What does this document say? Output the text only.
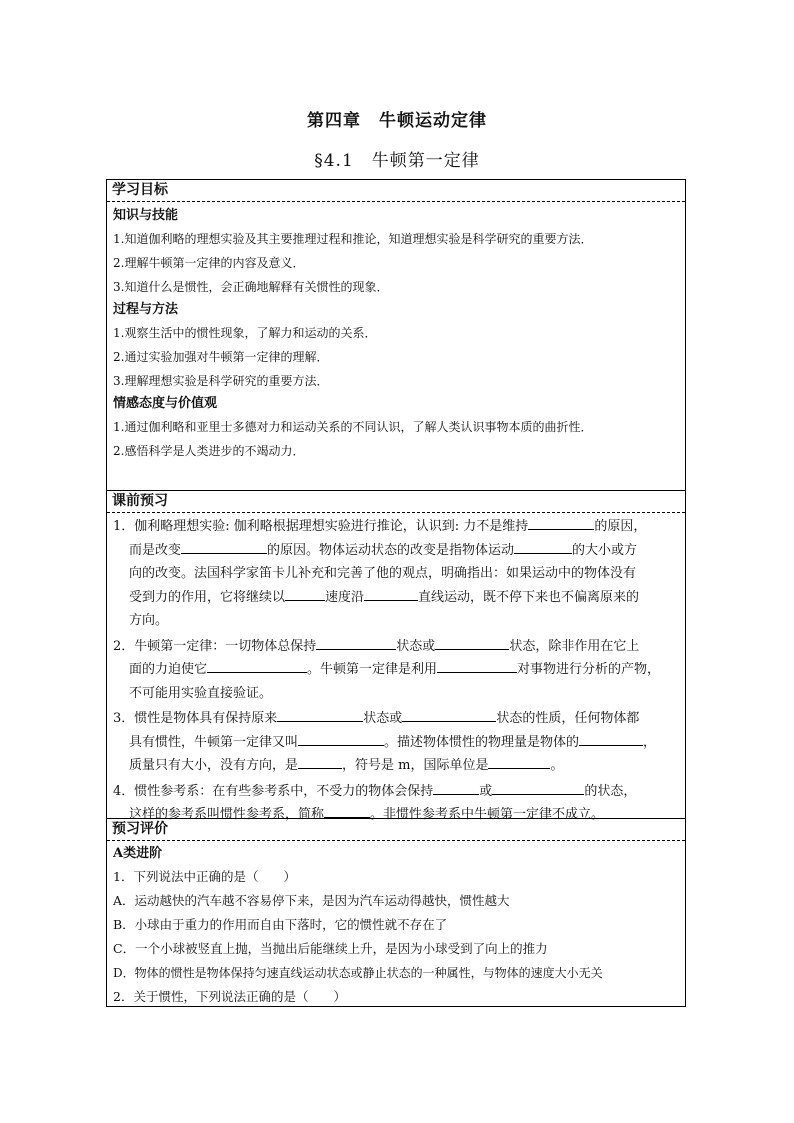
第四章　牛顿运动定律
§4.1　牛顿第一定律
学习目标
知识与技能
1.知道伽利略的理想实验及其主要推理过程和推论，知道理想实验是科学研究的重要方法．
2.理解牛顿第一定律的内容及意义．
3.知道什么是惯性，会正确地解释有关惯性的现象．
过程与方法
1.观察生活中的惯性现象，了解力和运动的关系．
2.通过实验加强对牛顿第一定律的理解．
3.理解理想实验是科学研究的重要方法．
情感态度与价值观
1.通过伽利略和亚里士多德对力和运动关系的不同认识，了解人类认识事物本质的曲折性．
2.感悟科学是人类进步的不竭动力．
课前预习
1．伽利略理想实验: 伽利略根据理想实验进行推论，认识到: 力不是维持	的原因，
而是改变	的原因。物体运动状态的改变是指物体运动	的大小或方
向的改变。法国科学家笛卡儿补充和完善了他的观点，明确指出：如果运动中的物体没有
受到力的作用，它将继续以	速度沿	直线运动，既不停下来也不偏离原来的
方向。
2．牛顿第一定律：一切物体总保持	状态或	状态，除非作用在它上
面的力迫使它	。牛顿第一定律是利用	对事物进行分析的产物，
不可能用实验直接验证。
3．惯性是物体具有保持原来	状态或	状态的性质，任何物体都
具有惯性，牛顿第一定律又叫	。描述物体惯性的物理量是物体的	，
质量只有大小，没有方向，是	，符号是 m，国际单位是	。
4．惯性参考系：在有些参考系中，不受力的物体会保持	或	的状态，
这样的参考系叫惯性参考系，简称	。非惯性参考系中牛顿第一定律不成立。
预习评价
A类进阶
1．下列说法中正确的是（　　）
A．运动越快的汽车越不容易停下来，是因为汽车运动得越快，惯性越大
B．小球由于重力的作用而自由下落时，它的惯性就不存在了
C．一个小球被竖直上抛，当抛出后能继续上升，是因为小球受到了向上的推力
D．物体的惯性是物体保持匀速直线运动状态或静止状态的一种属性，与物体的速度大小无关
2．关于惯性，下列说法正确的是（　　）
